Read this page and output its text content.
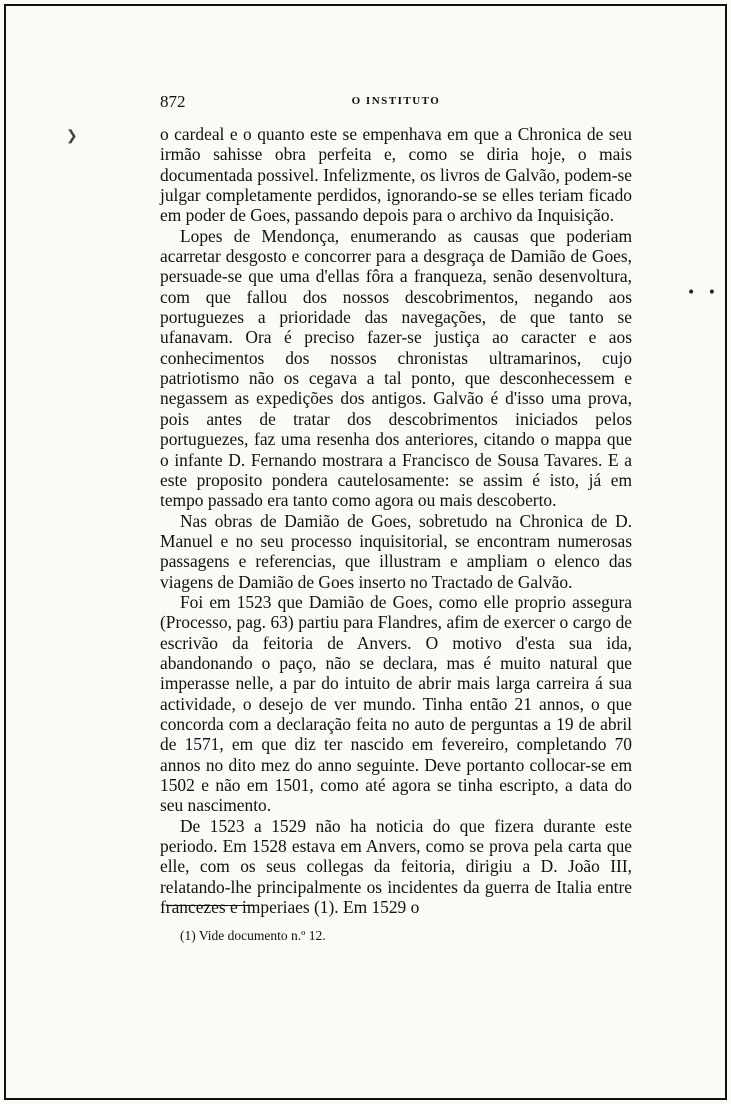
872	O INSTITUTO

o cardeal e o quanto este se empenhava em que a Chronica de seu irmão sahisse obra perfeita e, como se diria hoje, o mais documentada possivel. Infelizmente, os livros de Galvão, podem-se julgar completamente perdidos, ignorando-se se elles teriam ficado em poder de Goes, passando depois para o archivo da Inquisição.

Lopes de Mendonça, enumerando as causas que poderiam acarretar desgosto e concorrer para a desgraça de Damião de Goes, persuade-se que uma d'ellas fôra a franqueza, senão desenvoltura, com que fallou dos nossos descobrimentos, negando aos portuguezes a prioridade das navegações, de que tanto se ufanavam. Ora é preciso fazer-se justiça ao caracter e aos conhecimentos dos nossos chronistas ultramarinos, cujo patriotismo não os cegava a tal ponto, que desconhecessem e negassem as expedições dos antigos. Galvão é d'isso uma prova, pois antes de tratar dos descobrimentos iniciados pelos portuguezes, faz uma resenha dos anteriores, citando o mappa que o infante D. Fernando mostrara a Francisco de Sousa Tavares. E a este proposito pondera cautelosamente: se assim é isto, já em tempo passado era tanto como agora ou mais descoberto.

Nas obras de Damião de Goes, sobretudo na Chronica de D. Manuel e no seu processo inquisitorial, se encontram numerosas passagens e referencias, que illustram e ampliam o elenco das viagens de Damião de Goes inserto no Tractado de Galvão.

Foi em 1523 que Damião de Goes, como elle proprio assegura (Processo, pag. 63) partiu para Flandres, afim de exercer o cargo de escrivão da feitoria de Anvers. O motivo d'esta sua ida, abandonando o paço, não se declara, mas é muito natural que imperasse nelle, a par do intuito de abrir mais larga carreira á sua actividade, o desejo de ver mundo. Tinha então 21 annos, o que concorda com a declaração feita no auto de perguntas a 19 de abril de 1571, em que diz ter nascido em fevereiro, completando 70 annos no dito mez do anno seguinte. Deve portanto collocar-se em 1502 e não em 1501, como até agora se tinha escripto, a data do seu nascimento.

De 1523 a 1529 não ha noticia do que fizera durante este periodo. Em 1528 estava em Anvers, como se prova pela carta que elle, com os seus collegas da feitoria, dirigiu a D. João III, relatando-lhe principalmente os incidentes da guerra de Italia entre francezes e imperiaes (1). Em 1529 o

(1) Vide documento n.º 12.
• •
❯
